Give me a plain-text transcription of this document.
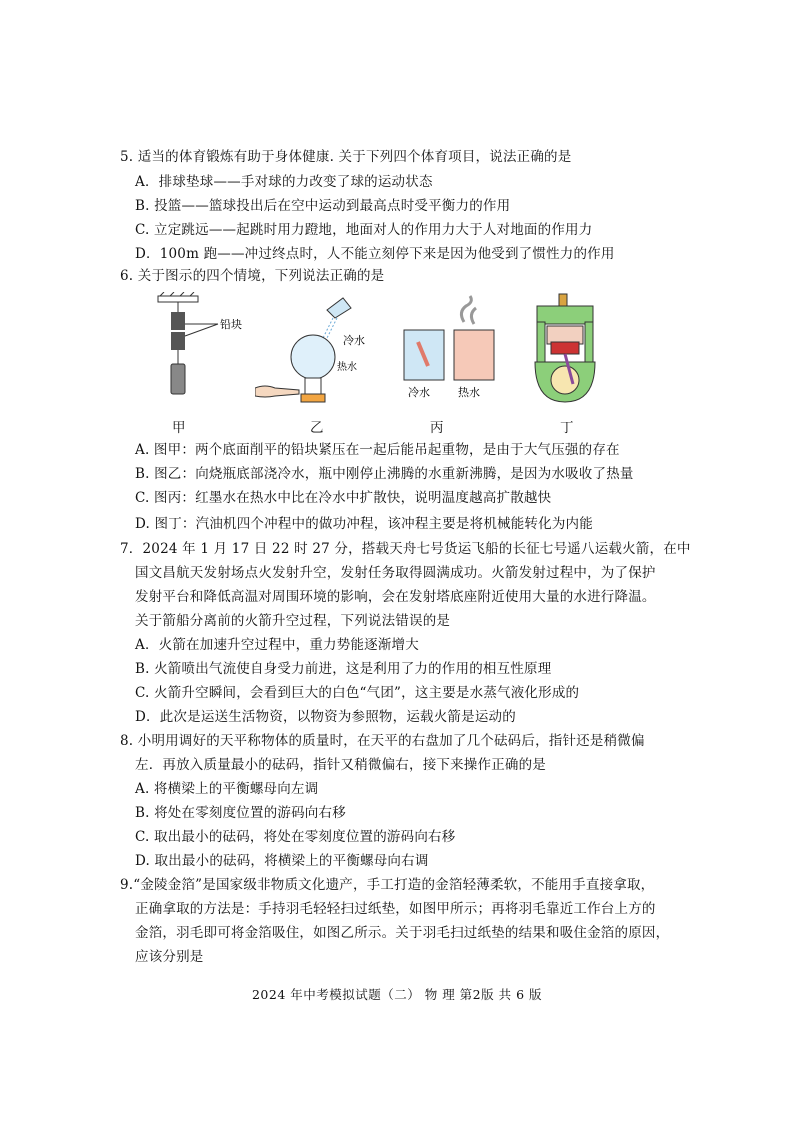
5. 适当的体育锻炼有助于身体健康. 关于下列四个体育项目，说法正确的是
A．排球垫球——手对球的力改变了球的运动状态
B. 投篮——篮球投出后在空中运动到最高点时受平衡力的作用
C. 立定跳远——起跳时用力蹬地，地面对人的作用力大于人对地面的作用力
D．100m 跑——冲过终点时，人不能立刻停下来是因为他受到了惯性力的作用
6. 关于图示的四个情境，下列说法正确的是
铅块
冷水
热水
冷水	热水
甲	乙	丙	丁
A. 图甲：两个底面削平的铅块紧压在一起后能吊起重物，是由于大气压强的存在
B. 图乙：向烧瓶底部浇冷水，瓶中刚停止沸腾的水重新沸腾，是因为水吸收了热量
C. 图丙：红墨水在热水中比在冷水中扩散快，说明温度越高扩散越快
D. 图丁：汽油机四个冲程中的做功冲程，该冲程主要是将机械能转化为内能
7．2024 年 1 月 17 日 22 时 27 分，搭载天舟七号货运飞船的长征七号遥八运载火箭，在中
国文昌航天发射场点火发射升空，发射任务取得圆满成功。火箭发射过程中，为了保护
发射平台和降低高温对周围环境的影响，会在发射塔底座附近使用大量的水进行降温。
关于箭船分离前的火箭升空过程，下列说法错误的是
A．火箭在加速升空过程中，重力势能逐渐增大
B. 火箭喷出气流使自身受力前进，这是利用了力的作用的相互性原理
C. 火箭升空瞬间，会看到巨大的白色“气团”，这主要是水蒸气液化形成的
D．此次是运送生活物资，以物资为参照物，运载火箭是运动的
8. 小明用调好的天平称物体的质量时，在天平的右盘加了几个砝码后，指针还是稍微偏
左．再放入质量最小的砝码，指针又稍微偏右，接下来操作正确的是
A. 将横梁上的平衡螺母向左调
B. 将处在零刻度位置的游码向右移
C. 取出最小的砝码，将处在零刻度位置的游码向右移
D. 取出最小的砝码，将横梁上的平衡螺母向右调
9.“金陵金箔”是国家级非物质文化遗产，手工打造的金箔轻薄柔软，不能用手直接拿取，
正确拿取的方法是：手持羽毛轻轻扫过纸垫，如图甲所示；再将羽毛靠近工作台上方的
金箔，羽毛即可将金箔吸住，如图乙所示。关于羽毛扫过纸垫的结果和吸住金箔的原因，
应该分别是
2024 年中考模拟试题（二） 物 理 第2版 共 6 版
